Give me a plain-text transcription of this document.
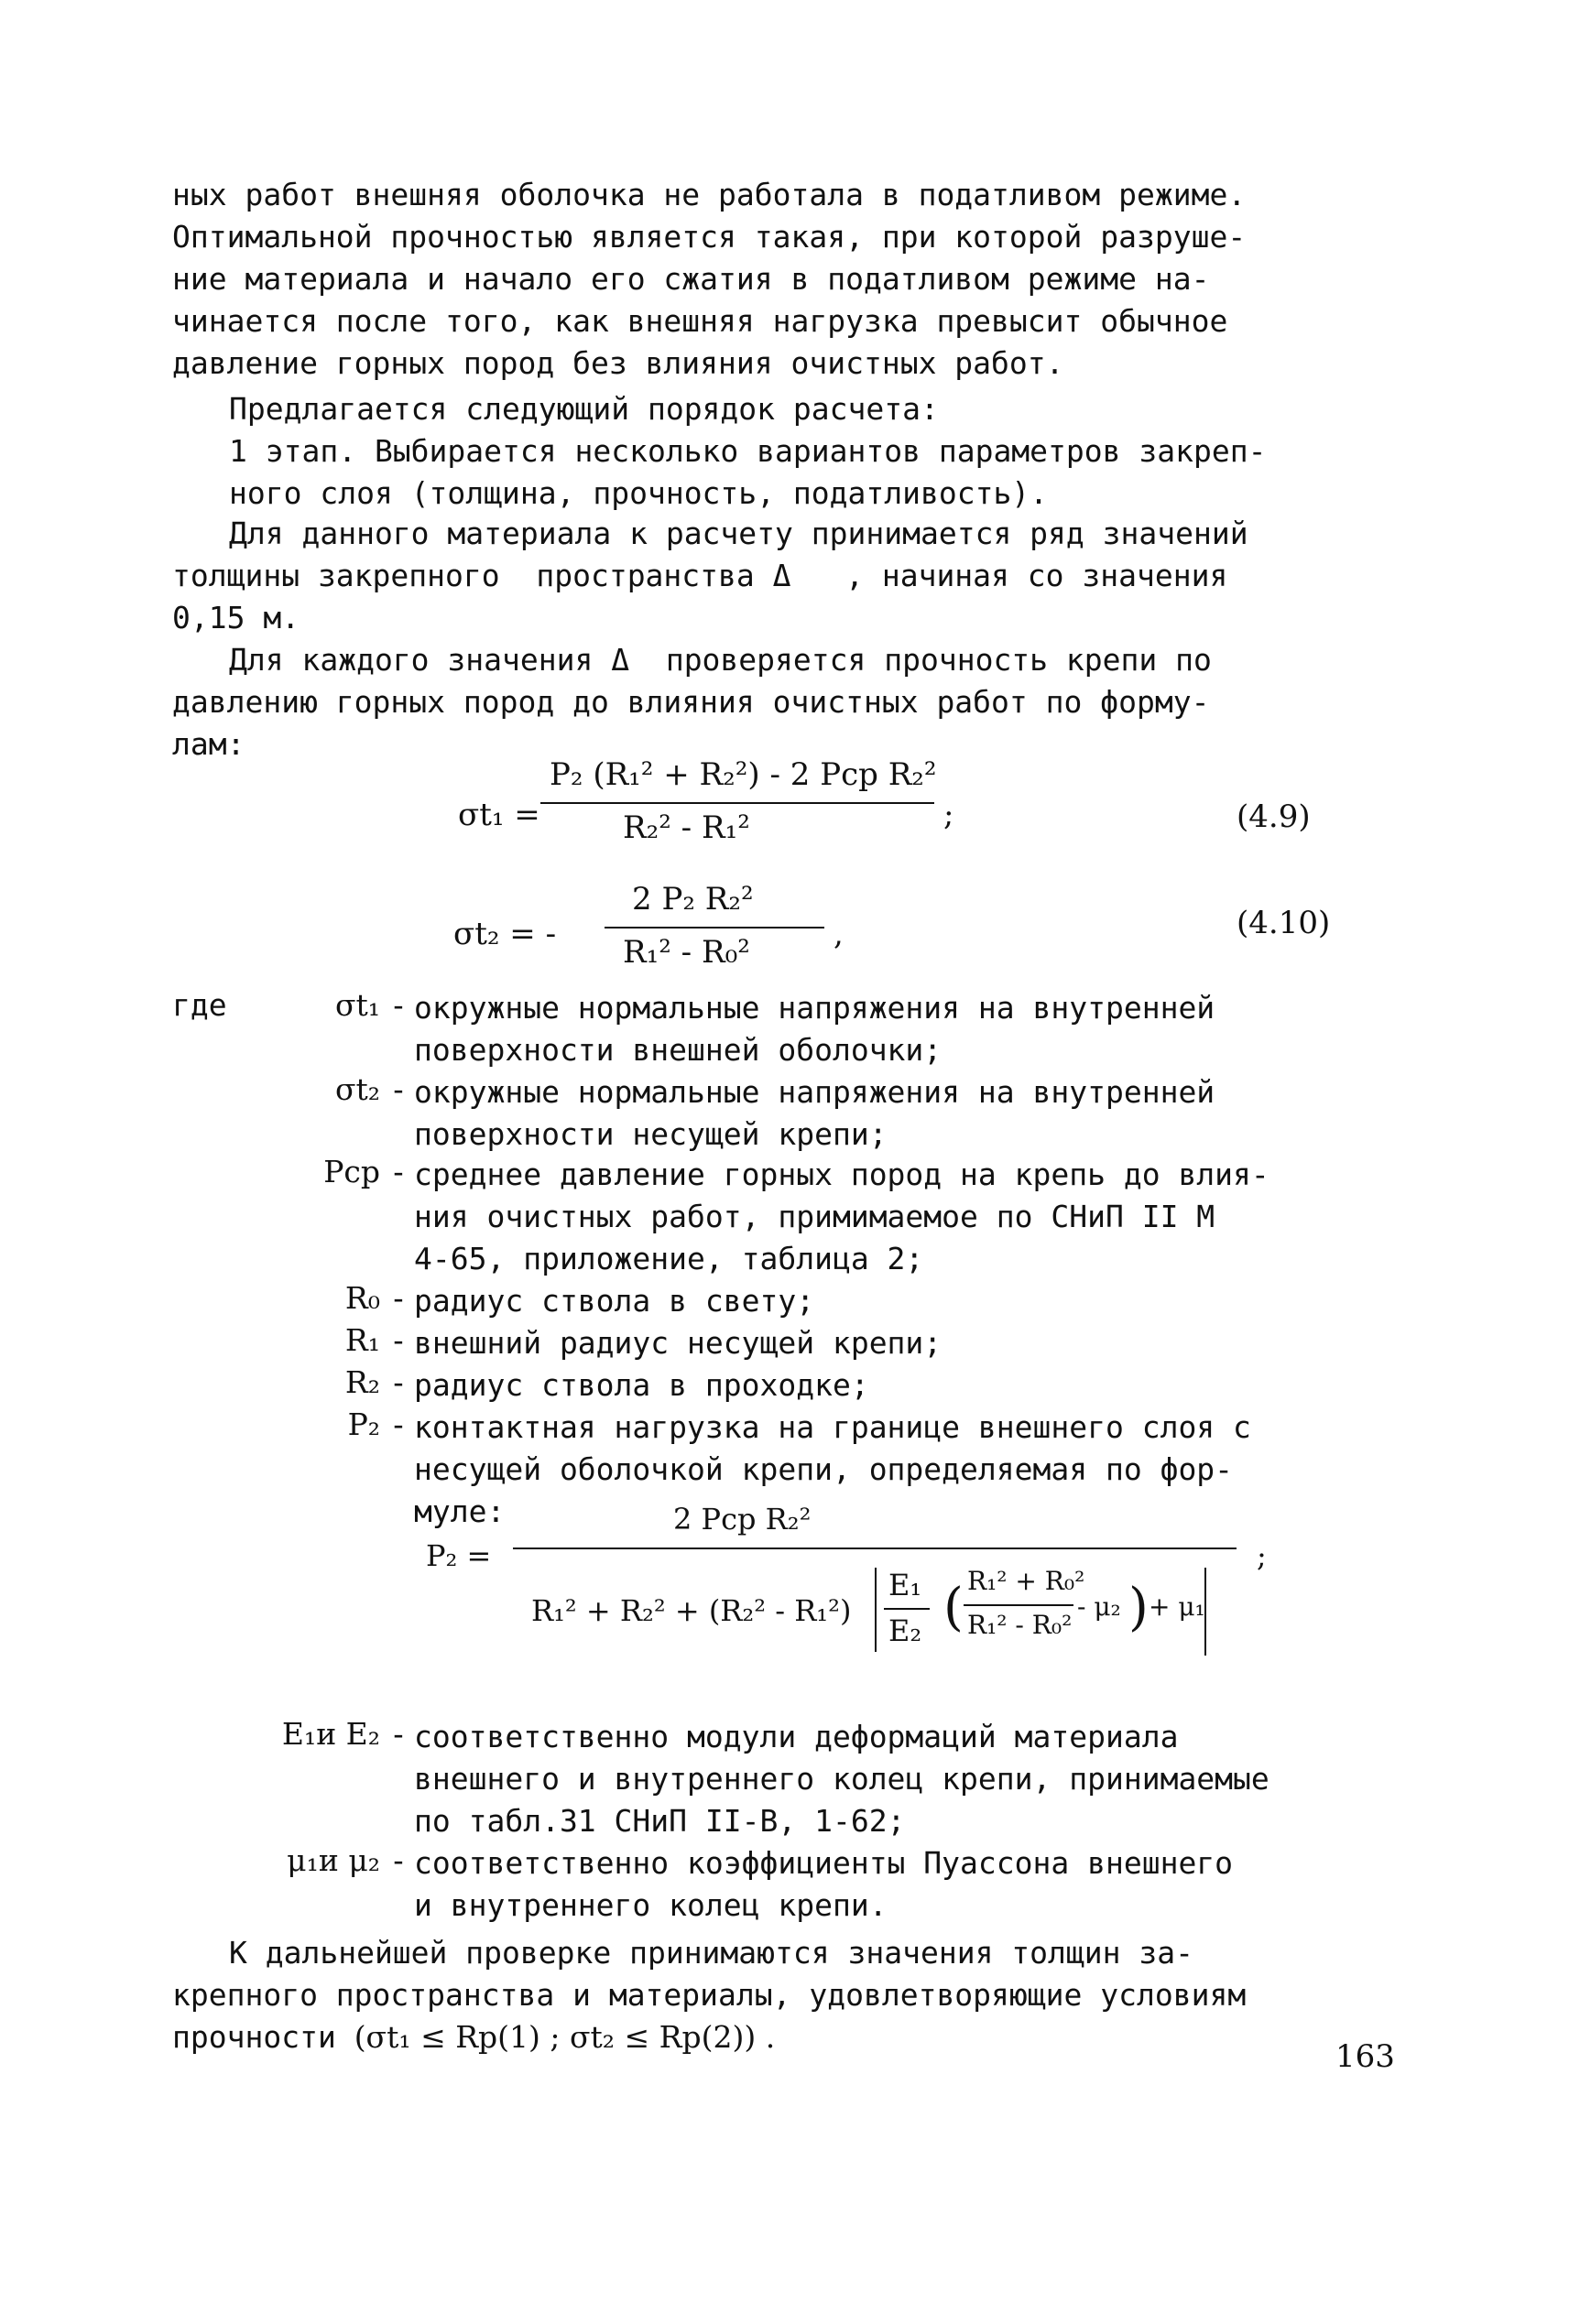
ных работ внешняя оболочка не работала в податливом режиме.
Оптимальной прочностью является такая, при которой разруше-
ние материала и начало его сжатия в податливом режиме на-
чинается после того, как внешняя нагрузка превысит обычное
давление горных пород без влияния очистных работ.
Предлагается следующий порядок расчета:
1 этап. Выбирается несколько вариантов параметров закреп-
ного слоя (толщина, прочность, податливость).
Для данного материала к расчету принимается ряд значений
толщины закрепного  пространства Δ   , начиная со значения
0,15 м.
Для каждого значения Δ  проверяется прочность крепи по
давлению горных пород до влияния очистных работ по форму-
лам:
σt₁ =
P₂ (R₁² + R₂²) - 2 Pcp R₂²
R₂² - R₁²	;	(4.9)
σt₂ = -
2 P₂ R₂²
R₁² - R₀²	,	(4.10)
где	σt₁ - окружные нормальные напряжения на внутренней
поверхности внешней оболочки;
σt₂ - окружные нормальные напряжения на внутренней
поверхности несущей крепи;
Pcp - среднее давление горных пород на крепь до влия-
ния очистных работ, примимаемое по СНиП II М
4-65, приложение, таблица 2;
R₀ - радиус ствола в свету;
R₁ - внешний радиус несущей крепи;
R₂ - радиус ствола в проходке;
P₂ - контактная нагрузка на границе внешнего слоя с
несущей оболочкой крепи, определяемая по фор-
муле:
P₂ =
2 Pcp R₂²
R₁² + R₂² + (R₂² - R₁²)
E₁
E₂ ( R₁² + R₀²
R₁² - R₀²
- μ₂ ) + μ₁
;
E₁и E₂ - соответственно модули деформаций материала
внешнего и внутреннего колец крепи, принимаемые
по табл.31 СНиП II-В, 1-62;
μ₁и μ₂ - соответственно коэффициенты Пуассона внешнего
и внутреннего колец крепи.
К дальнейшей проверке принимаются значения толщин за-
крепного пространства и материалы, удовлетворяющие условиям
прочности (σt₁ ≤ Rp(1) ; σt₂ ≤ Rp(2)) .
163
